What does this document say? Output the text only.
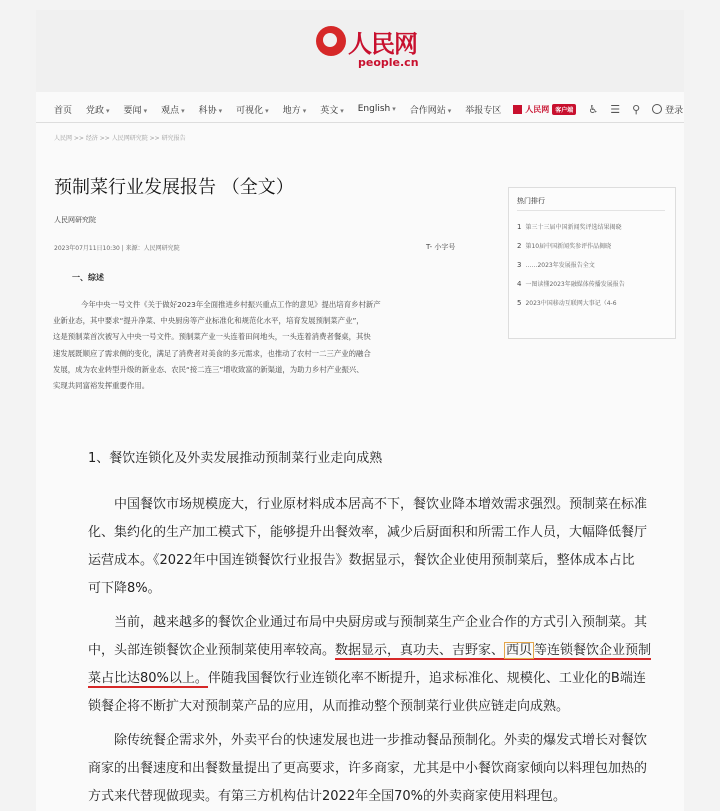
人民网
people.cn
首页 党政 ▾ 要闻 ▾ 观点 ▾ 科协 ▾ 可视化 ▾ 地方 ▾ 英文 ▾ English ▾ 合作网站 ▾ 举报专区	人民网	客户端 ♿ ☰ ⚲	登录
人民网 >> 经济 >> 人民网研究院 >> 研究报告
预制菜行业发展报告 （全文）
人民网研究院
2023年07月11日10:30 | 来源：人民网研究院	T- 小字号
热门排行
1 第三十三届中国新闻奖评选结果揭晓
2 第10届中国新闻奖参评作品揭晓
3 ……2023年发展报告全文
4 一图读懂2023年融媒体传播发展报告
5 2023中国移动互联网大事记（4-6
一、综述
今年中央一号文件《关于做好2023年全面推进乡村振兴重点工作的意见》提出培育乡村新产
业新业态，其中要求“提升净菜、中央厨房等产业标准化和规范化水平，培育发展预制菜产业”，
这是预制菜首次被写入中央一号文件。预制菜产业一头连着田间地头，一头连着消费者餐桌，其快
速发展既顺应了需求侧的变化，满足了消费者对美食的多元需求，也推动了农村一二三产业的融合
发展，成为农业转型升级的新业态、农民“接二连三”增收致富的新渠道，为助力乡村产业振兴、
实现共同富裕发挥重要作用。
1、餐饮连锁化及外卖发展推动预制菜行业走向成熟
中国餐饮市场规模庞大，行业原材料成本居高不下，餐饮业降本增效需求强烈。预制菜在标准
化、集约化的生产加工模式下，能够提升出餐效率，减少后厨面积和所需工作人员，大幅降低餐厅
运营成本。《2022年中国连锁餐饮行业报告》数据显示，餐饮企业使用预制菜后，整体成本占比
可下降8%。
当前，越来越多的餐饮企业通过布局中央厨房或与预制菜生产企业合作的方式引入预制菜。其
中，头部连锁餐饮企业预制菜使用率较高。数据显示，真功夫、吉野家、 西贝 等连锁餐饮企业预制
菜占比达80%以上。伴随我国餐饮行业连锁化率不断提升，追求标准化、规模化、工业化的B端连
锁餐企将不断扩大对预制菜产品的应用，从而推动整个预制菜行业供应链走向成熟。
除传统餐企需求外，外卖平台的快速发展也进一步推动餐品预制化。外卖的爆发式增长对餐饮
商家的出餐速度和出餐数量提出了更高要求，许多商家，尤其是中小餐饮商家倾向以料理包加热的
方式来代替现做现卖。有第三方机构估计2022年全国70%的外卖商家使用料理包。
